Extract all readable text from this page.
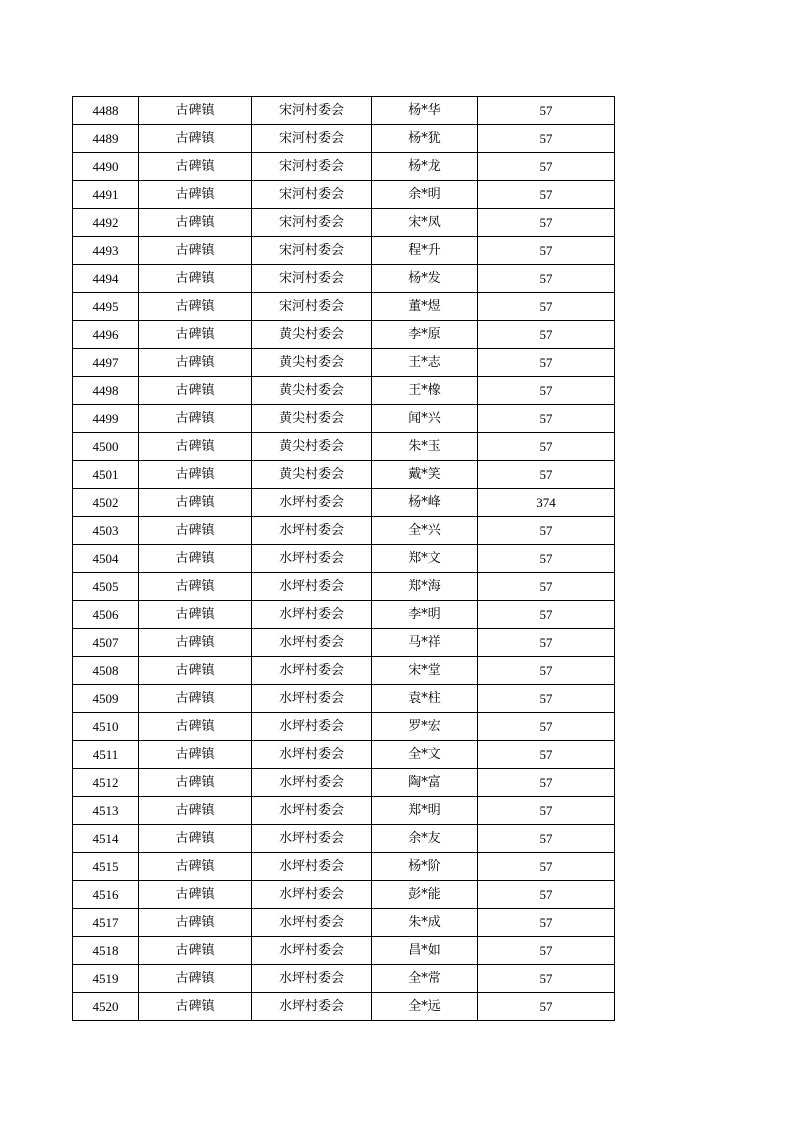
4488	古碑镇	宋河村委会	杨*华	57
4489	古碑镇	宋河村委会	杨*犹	57
4490	古碑镇	宋河村委会	杨*龙	57
4491	古碑镇	宋河村委会	余*明	57
4492	古碑镇	宋河村委会	宋*凤	57
4493	古碑镇	宋河村委会	程*升	57
4494	古碑镇	宋河村委会	杨*发	57
4495	古碑镇	宋河村委会	董*煜	57
4496	古碑镇	黄尖村委会	李*原	57
4497	古碑镇	黄尖村委会	王*志	57
4498	古碑镇	黄尖村委会	王*橡	57
4499	古碑镇	黄尖村委会	闻*兴	57
4500	古碑镇	黄尖村委会	朱*玉	57
4501	古碑镇	黄尖村委会	戴*笑	57
4502	古碑镇	水坪村委会	杨*峰	374
4503	古碑镇	水坪村委会	全*兴	57
4504	古碑镇	水坪村委会	郑*文	57
4505	古碑镇	水坪村委会	郑*海	57
4506	古碑镇	水坪村委会	李*明	57
4507	古碑镇	水坪村委会	马*祥	57
4508	古碑镇	水坪村委会	宋*堂	57
4509	古碑镇	水坪村委会	袁*柱	57
4510	古碑镇	水坪村委会	罗*宏	57
4511	古碑镇	水坪村委会	全*文	57
4512	古碑镇	水坪村委会	陶*富	57
4513	古碑镇	水坪村委会	郑*明	57
4514	古碑镇	水坪村委会	余*友	57
4515	古碑镇	水坪村委会	杨*阶	57
4516	古碑镇	水坪村委会	彭*能	57
4517	古碑镇	水坪村委会	朱*成	57
4518	古碑镇	水坪村委会	昌*如	57
4519	古碑镇	水坪村委会	全*常	57
4520	古碑镇	水坪村委会	全*远	57
